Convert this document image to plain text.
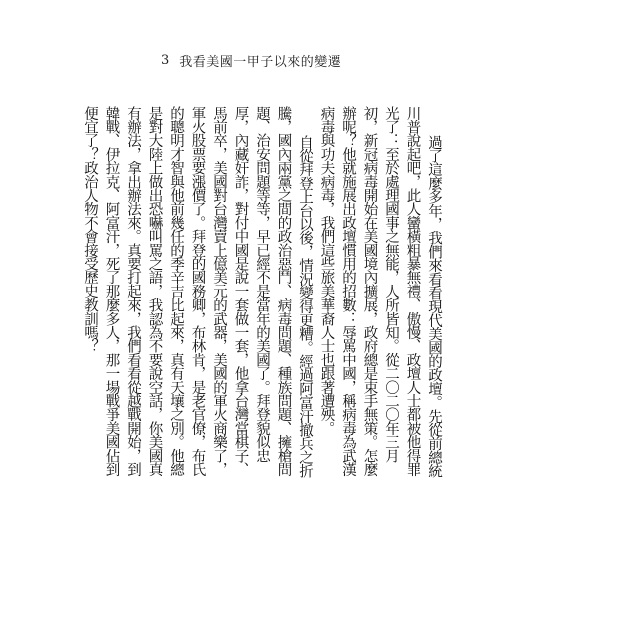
3 我看美國一甲子以來的變遷

過了這麼多年，我們來看看現代美國的政壇。先從前總統川普說起吧，此人蠻橫粗暴無禮、傲慢、政壇人士都被他得罪光了：至於處理國事之無能，人所皆知。從二〇二〇年三月初，新冠病毒開始在美國境內擴展，政府總是束手無策。怎麼辦呢？他就施展出政壇慣用的招數：辱罵中國，稱病毒為武漢病毒與功夫病毒，我們這些旅美華裔人士也跟著遭殃。

自從拜登上台以後，情況變得更糟。經過阿富汗撤兵之折騰，國內兩黨之間的政治惡鬥、病毒問題、種族問題、擁槍問題、治安問題等等，早已經不是當年的美國了。拜登貌似忠厚，內藏奸詐，對付中國是說一套做一套，他拿台灣當棋子、馬前卒，美國對台灣賣上億美元的武器，美國的軍火商樂了，軍火股票要漲價了。拜登的國務卿，布林肯，是老官僚，布氏的聰明才智與他前幾任的季辛吉比起來，真有天壤之別。他總是對大陸上做出恐嚇叫罵之語，我認為不要說空話，你美國真有辦法，拿出辦法來。真要打起來，我們看看從越戰開始，到韓戰、伊拉克、阿富汗，死了那麼多人，那一場戰爭美國佔到便宜了？政治人物不會接受歷史教訓嗎？
